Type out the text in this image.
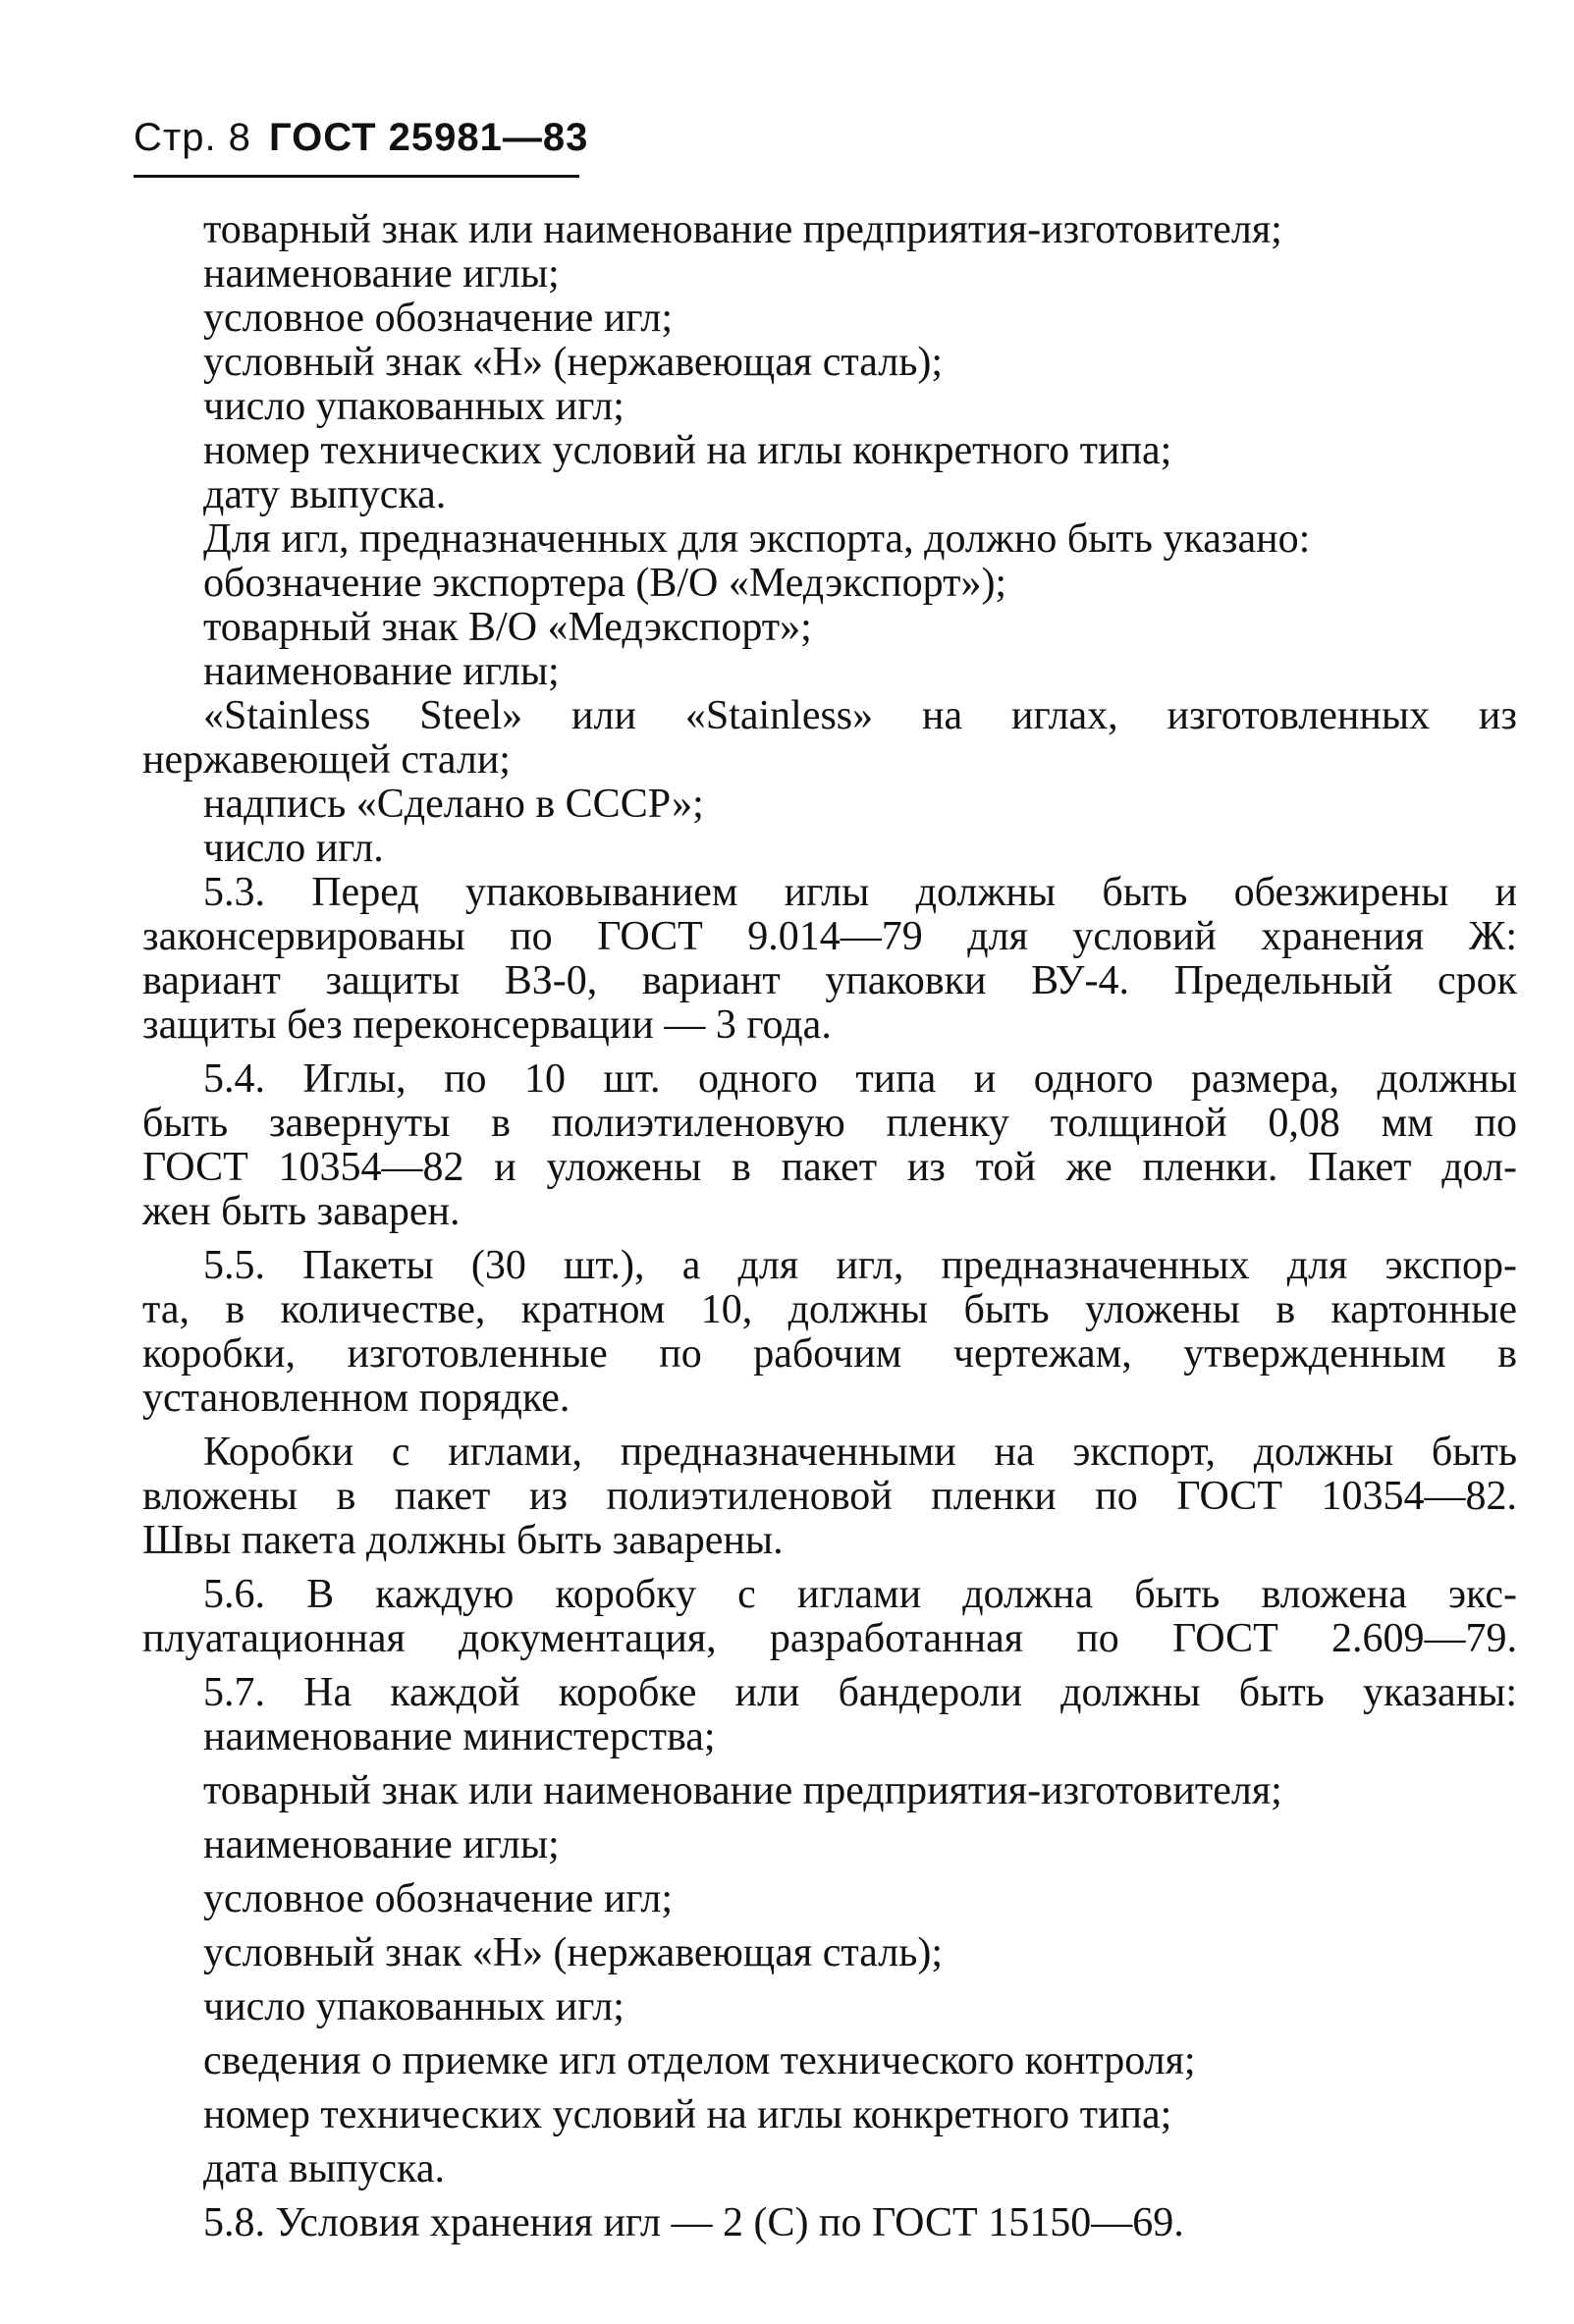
Стр. 8 ГОСТ 25981—83
товарный знак или наименование предприятия-изготовителя;
наименование иглы;
условное обозначение игл;
условный знак «Н» (нержавеющая сталь);
число упакованных игл;
номер технических условий на иглы конкретного типа;
дату выпуска.
Для игл, предназначенных для экспорта, должно быть указано:
обозначение экспортера (В/О «Медэкспорт»);
товарный знак В/О «Медэкспорт»;
наименование иглы;
«Stainless Steel» или «Stainless» на иглах, изготовленных из
нержавеющей стали;
надпись «Сделано в СССР»;
число игл.
5.3. Перед упаковыванием иглы должны быть обезжирены и
законсервированы по ГОСТ 9.014—79 для условий хранения Ж:
вариант защиты ВЗ-0, вариант упаковки ВУ-4. Предельный срок
защиты без переконсервации — 3 года.
5.4. Иглы, по 10 шт. одного типа и одного размера, должны
быть завернуты в полиэтиленовую пленку толщиной 0,08 мм по
ГОСТ 10354—82 и уложены в пакет из той же пленки. Пакет дол-
жен быть заварен.
5.5. Пакеты (30 шт.), а для игл, предназначенных для экспор-
та, в количестве, кратном 10, должны быть уложены в картонные
коробки, изготовленные по рабочим чертежам, утвержденным в
установленном порядке.
Коробки с иглами, предназначенными на экспорт, должны быть
вложены в пакет из полиэтиленовой пленки по ГОСТ 10354—82.
Швы пакета должны быть заварены.
5.6. В каждую коробку с иглами должна быть вложена экс-
плуатационная документация, разработанная по ГОСТ 2.609—79.
5.7. На каждой коробке или бандероли должны быть указаны:
наименование министерства;
товарный знак или наименование предприятия-изготовителя;
наименование иглы;
условное обозначение игл;
условный знак «Н» (нержавеющая сталь);
число упакованных игл;
сведения о приемке игл отделом технического контроля;
номер технических условий на иглы конкретного типа;
дата выпуска.
5.8. Условия хранения игл — 2 (С) по ГОСТ 15150—69.
